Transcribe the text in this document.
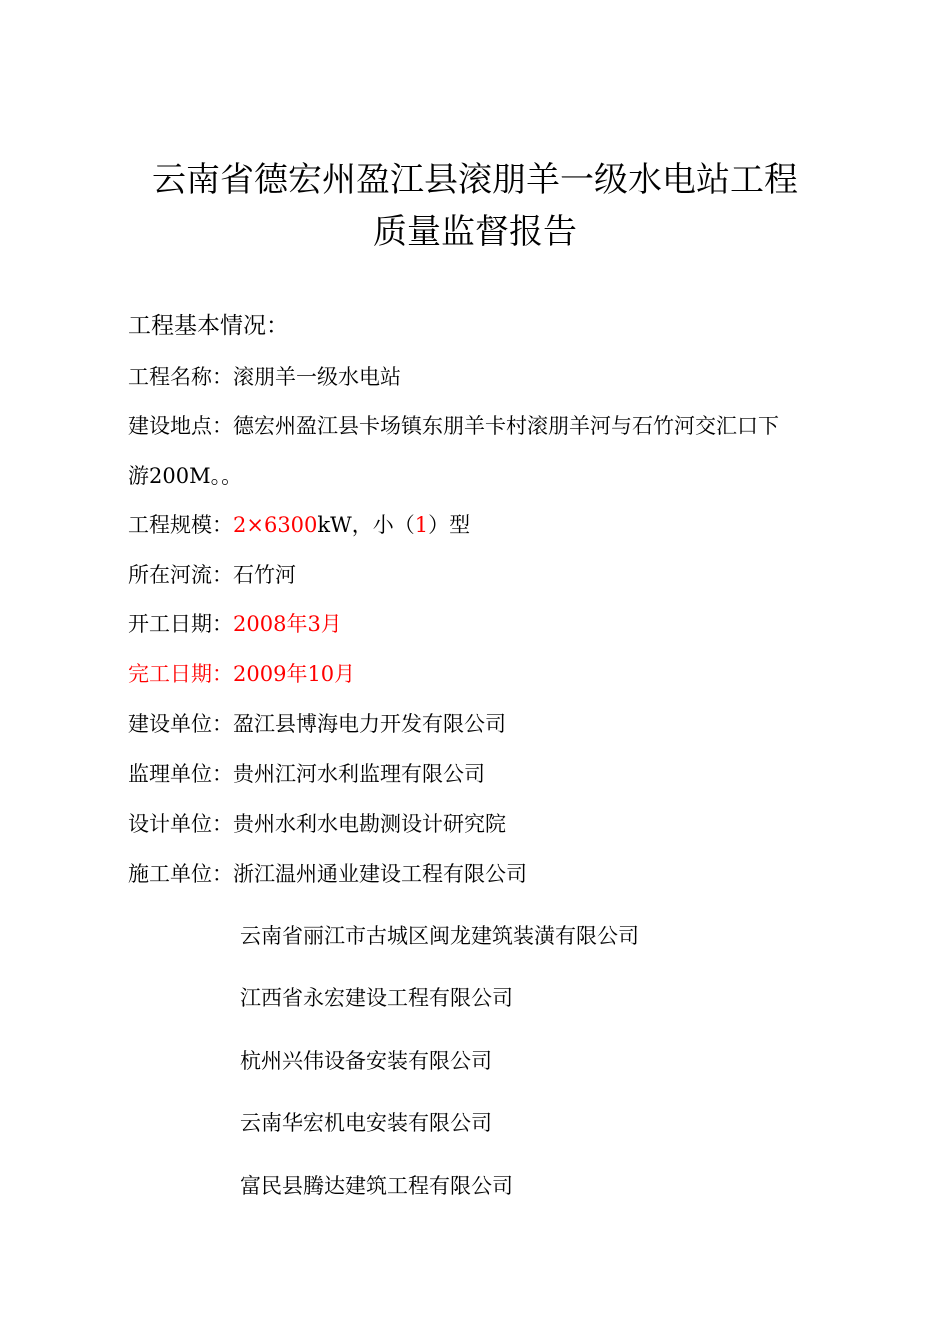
云南省德宏州盈江县滚朋羊一级水电站工程
质量监督报告
工程基本情况：
工程名称：滚朋羊一级水电站
建设地点：德宏州盈江县卡场镇东朋羊卡村滚朋羊河与石竹河交汇口下
游200M。。
工程规模：2×6300kW，小（1）型
所在河流：石竹河
开工日期：2008年3月
完工日期：2009年10月
建设单位：盈江县博海电力开发有限公司
监理单位：贵州江河水利监理有限公司
设计单位：贵州水利水电勘测设计研究院
施工单位：浙江温州通业建设工程有限公司
云南省丽江市古城区闽龙建筑装潢有限公司
江西省永宏建设工程有限公司
杭州兴伟设备安装有限公司
云南华宏机电安装有限公司
富民县腾达建筑工程有限公司
